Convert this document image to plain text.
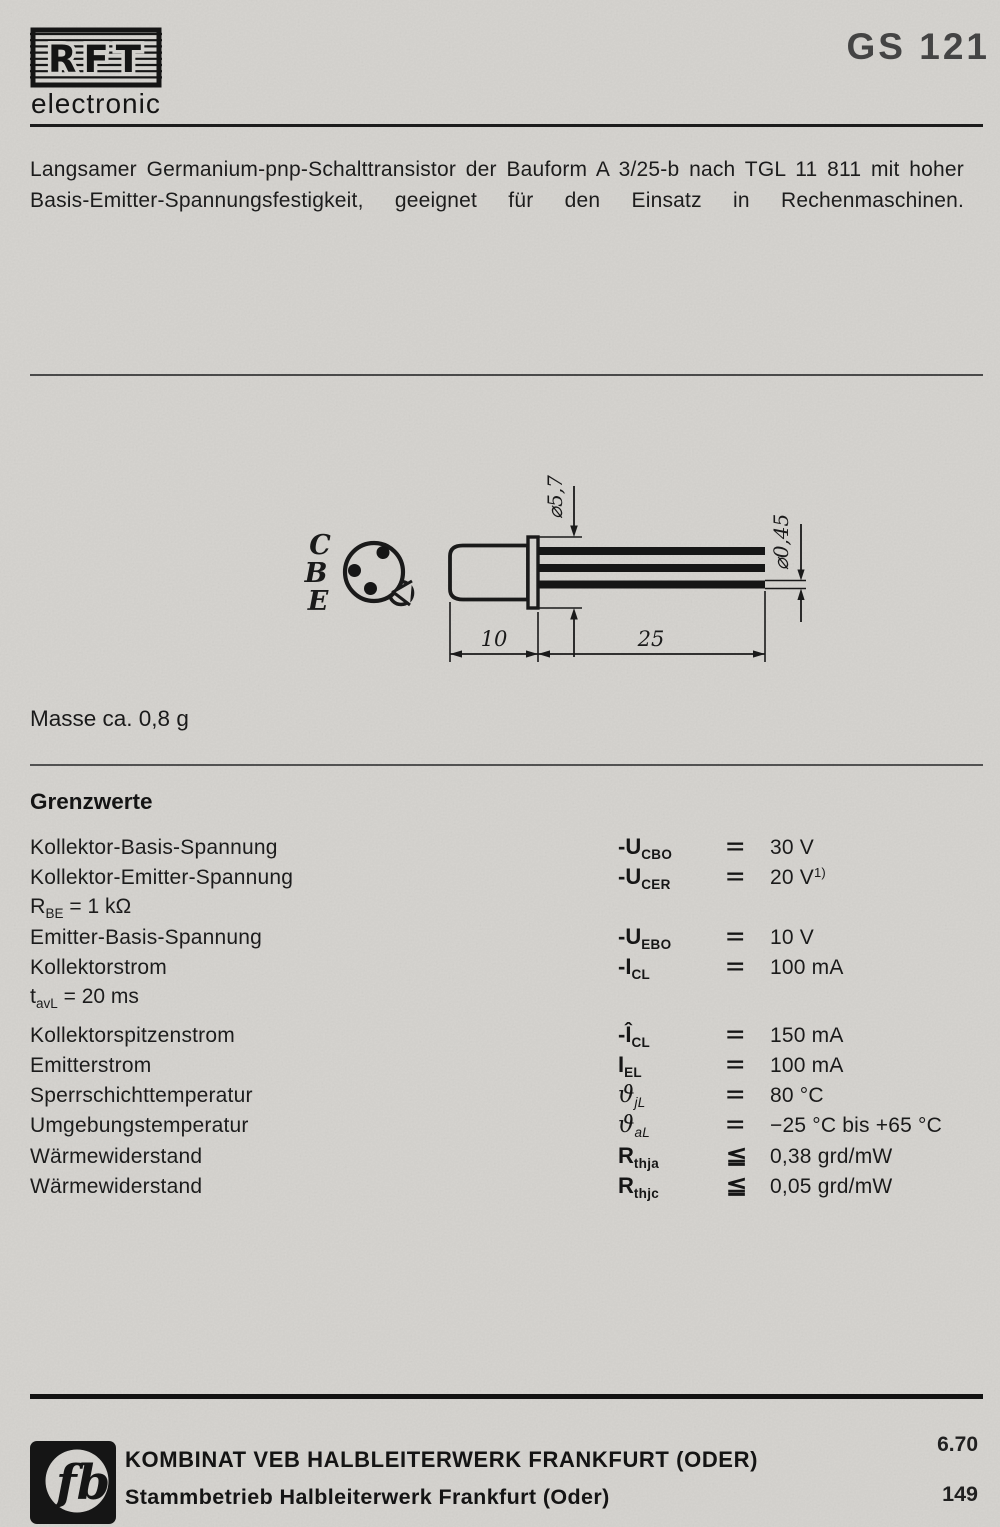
RFT
electronic
GS 121
Langsamer Germanium-pnp-Schalttransistor der Bauform A 3/25-b nach TGL 11 811 mit hoher Basis-Emitter-Spannungsfestigkeit, geeignet für den Einsatz in Rechenmaschinen.
C
B
E
⌀5,7
⌀0,45
10	25
Masse ca. 0,8 g
Grenzwerte
Kollektor-Basis-Spannung	$-U_{CBO}$	=	30 V
Kollektor-Emitter-Spannung	$-U_{CER}$	=	20 $V^{1)}$
$R_{BE} = 1$ kΩ
Emitter-Basis-Spannung	$-U_{EBO}$	=	10 V
Kollektorstrom	$-I_{CL}$	=	100 mA
$t_{avL} = 20$ ms
Kollektorspitzenstrom	$-Î_{CL}$	=	150 mA
Emitterstrom	$I_{EL}$	=	100 mA
Sperrschichttemperatur	$ϑ_{jL}$	=	80 °C
Umgebungstemperatur	$ϑ_{aL}$	=	−25 °C bis +65 °C
Wärmewiderstand	$R_{thja}$	≦	0,38 grd/mW
Wärmewiderstand	$R_{thjc}$	≦	0,05 grd/mW
fb KOMBINAT VEB HALBLEITERWERK FRANKFURT (ODER)
Stammbetrieb Halbleiterwerk Frankfurt (Oder)
6.70
149
